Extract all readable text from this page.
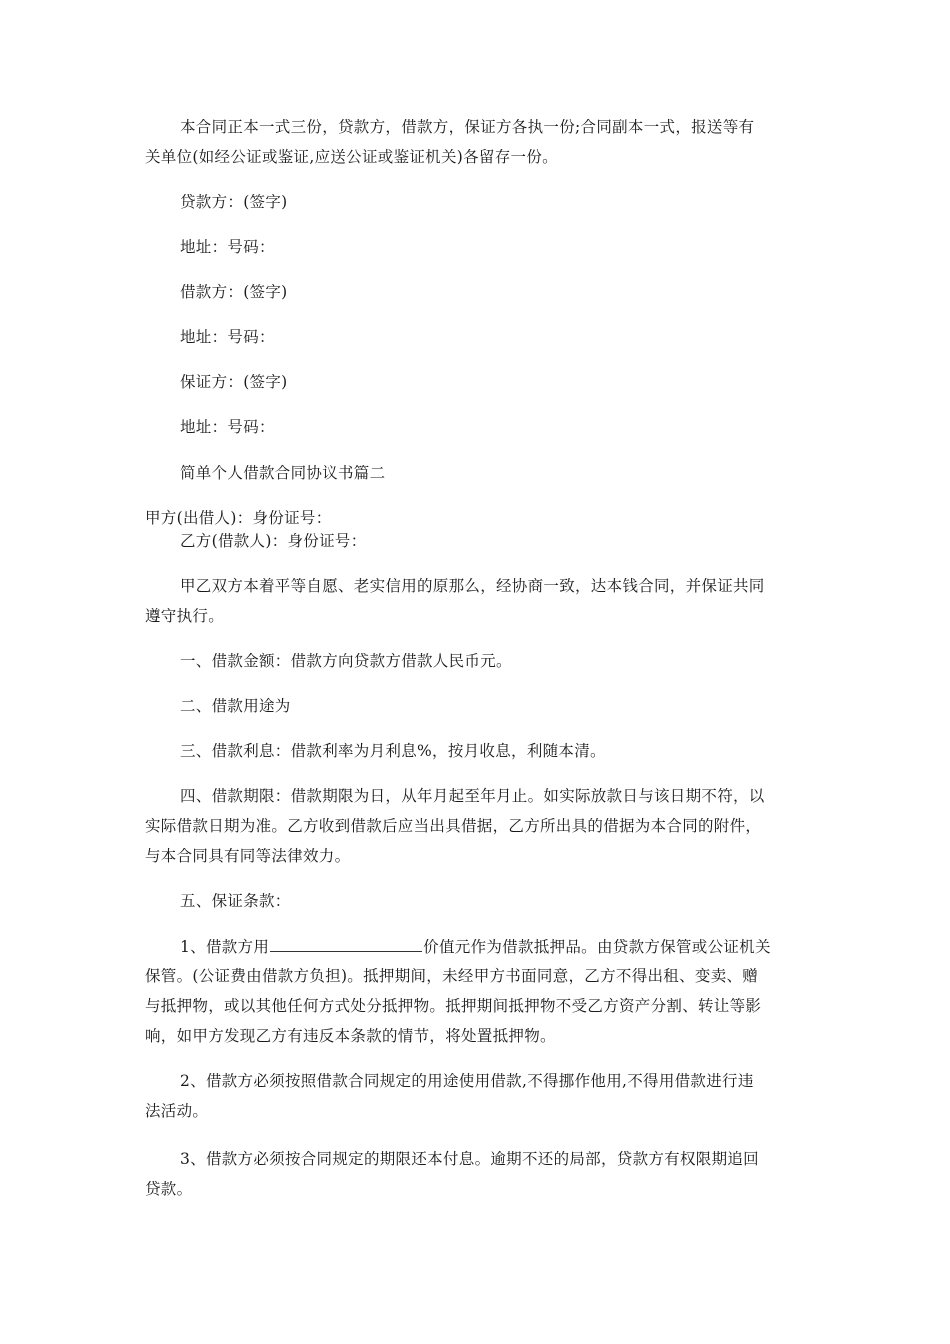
本合同正本一式三份，贷款方，借款方，保证方各执一份;合同副本一式，报送等有
关单位(如经公证或鉴证,应送公证或鉴证机关)各留存一份。
贷款方：(签字)
地址：号码：
借款方：(签字)
地址：号码：
保证方：(签字)
地址：号码：
简单个人借款合同协议书篇二
甲方(出借人)：身份证号：
乙方(借款人)：身份证号：
甲乙双方本着平等自愿、老实信用的原那么，经协商一致，达本钱合同，并保证共同
遵守执行。
一、借款金额：借款方向贷款方借款人民币元。
二、借款用途为
三、借款利息：借款利率为月利息%，按月收息，利随本清。
四、借款期限：借款期限为日，从年月起至年月止。如实际放款日与该日期不符，以
实际借款日期为准。乙方收到借款后应当出具借据，乙方所出具的借据为本合同的附件，
与本合同具有同等法律效力。
五、保证条款：
1、借款方用	价值元作为借款抵押品。由贷款方保管或公证机关
保管。(公证费由借款方负担)。抵押期间，未经甲方书面同意，乙方不得出租、变卖、赠
与抵押物，或以其他任何方式处分抵押物。抵押期间抵押物不受乙方资产分割、转让等影
响，如甲方发现乙方有违反本条款的情节，将处置抵押物。
2、借款方必须按照借款合同规定的用途使用借款,不得挪作他用,不得用借款进行违
法活动。
3、借款方必须按合同规定的期限还本付息。逾期不还的局部，贷款方有权限期追回
贷款。
